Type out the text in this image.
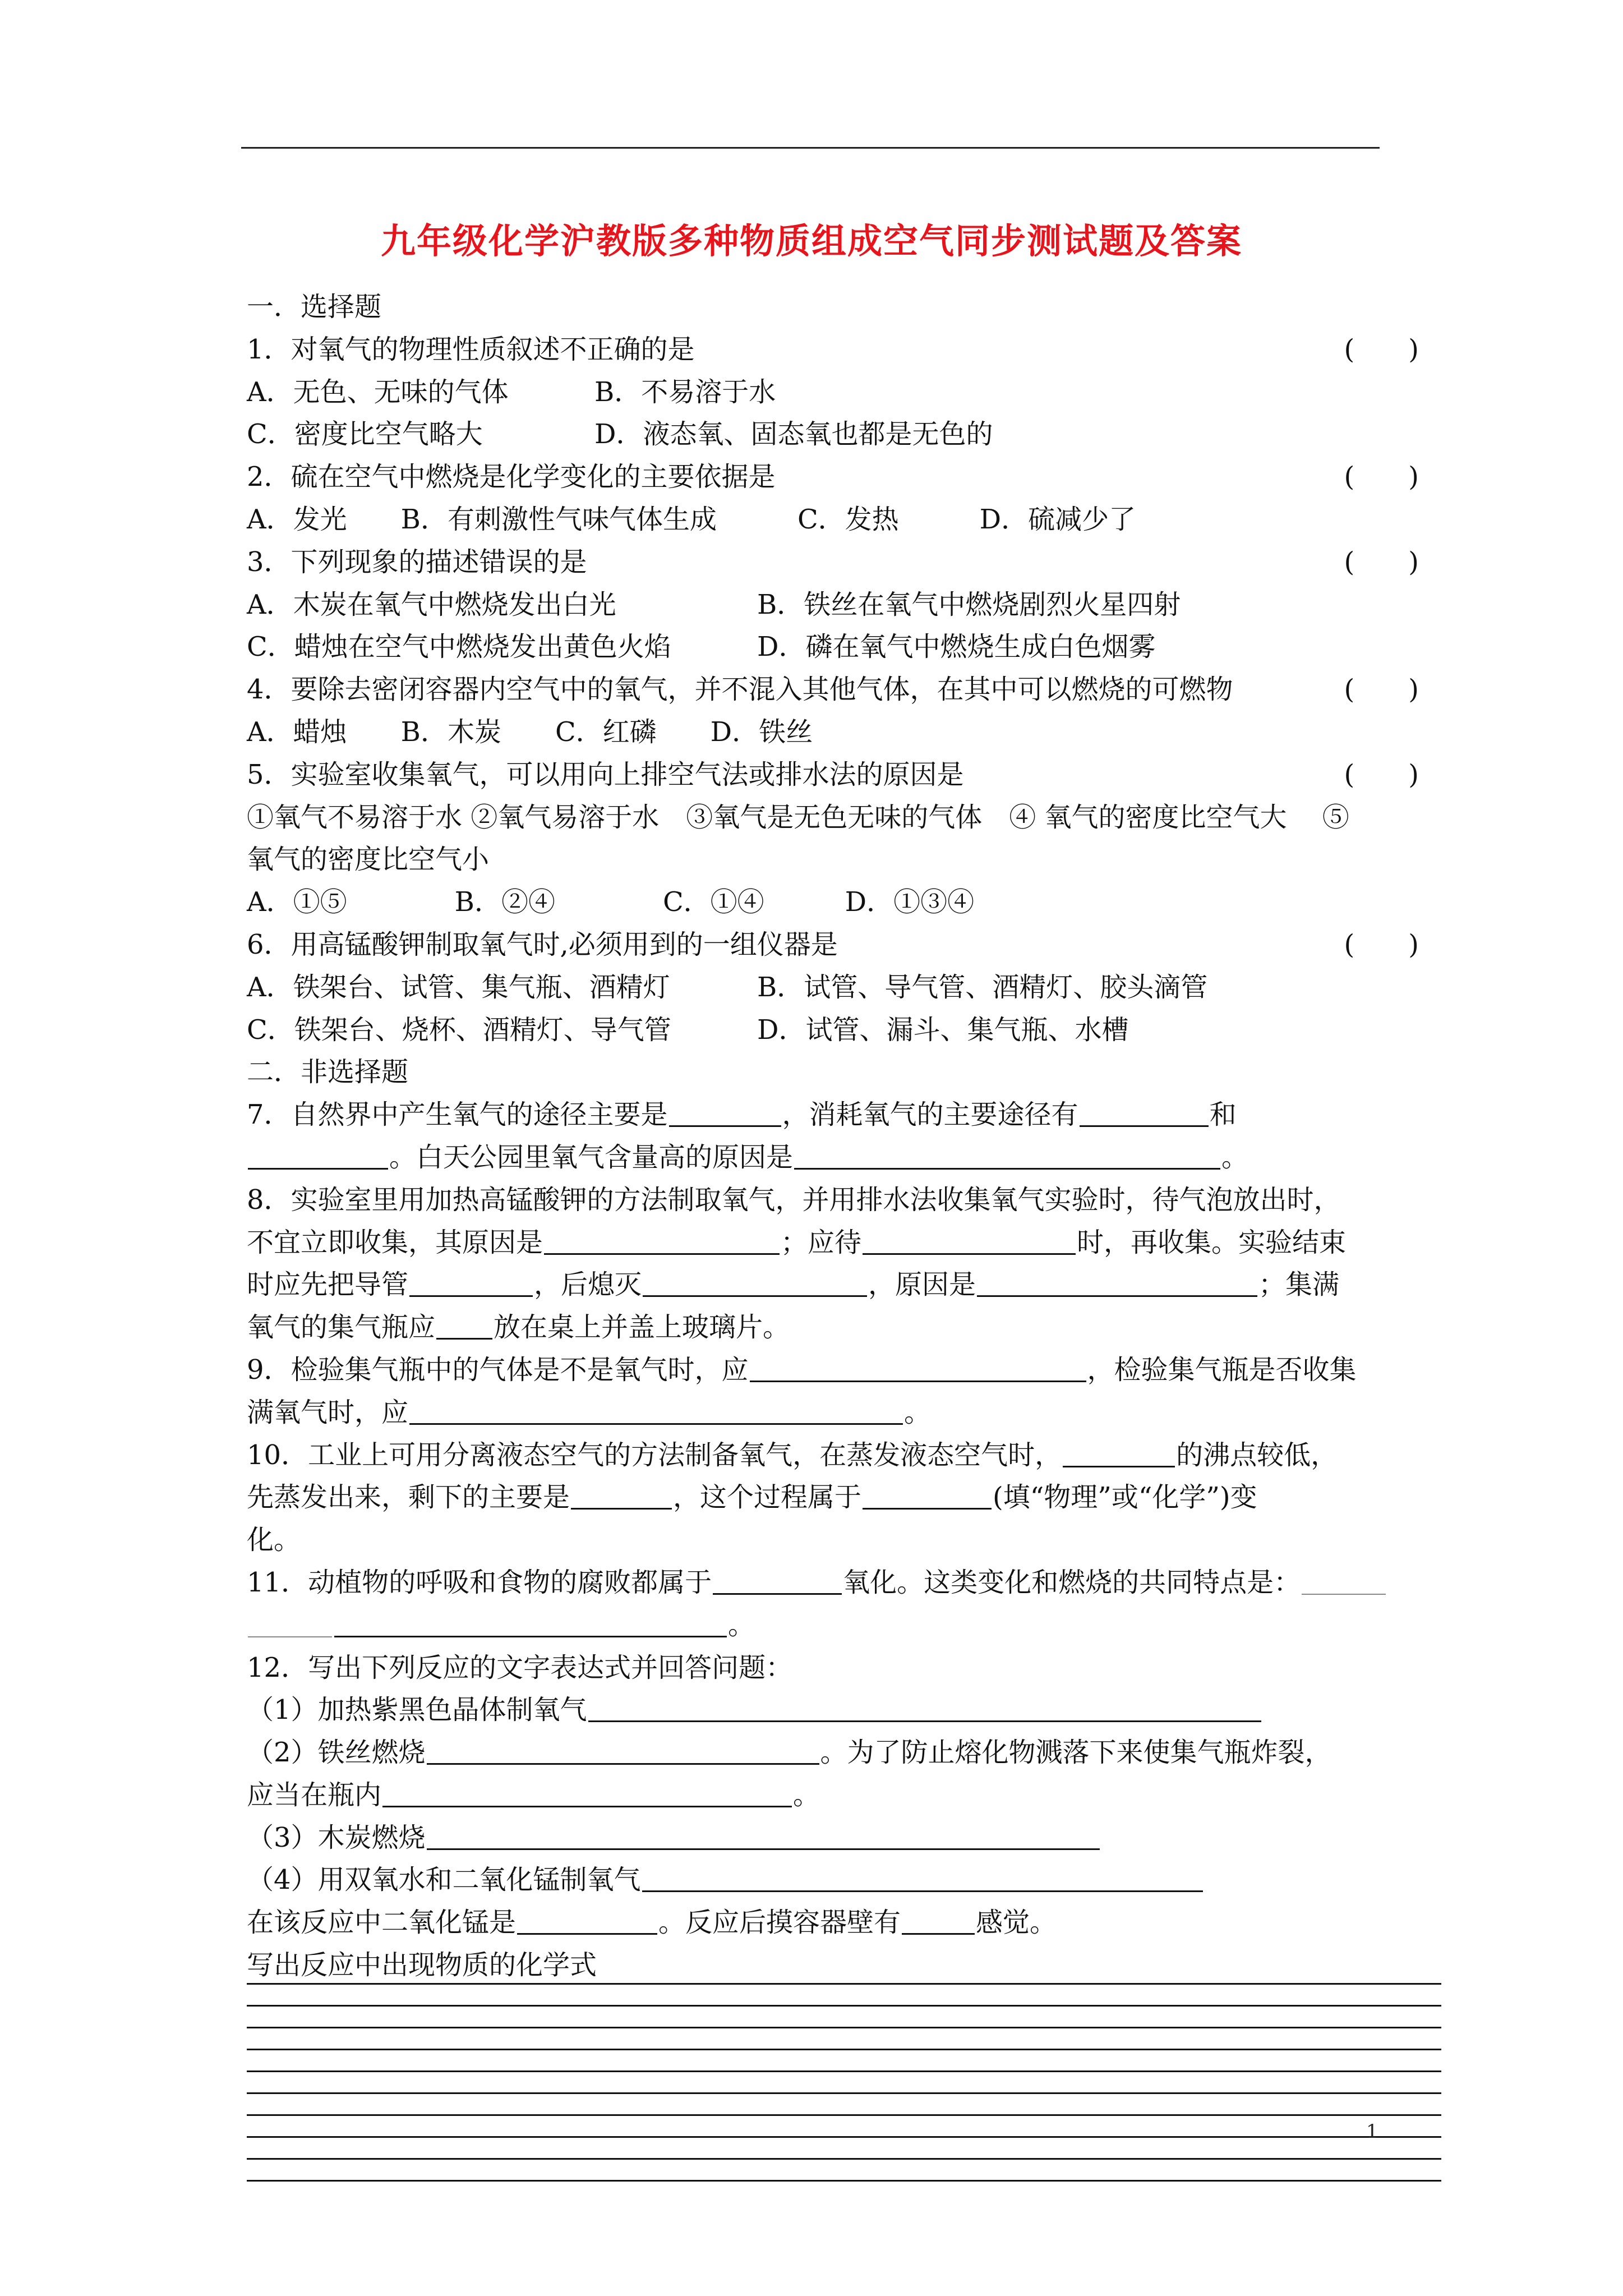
九年级化学沪教版多种物质组成空气同步测试题及答案
一．选择题
1．对氧气的物理性质叙述不正确的是	(　　)
A．无色、无味的气体	B．不易溶于水
C．密度比空气略大	D．液态氧、固态氧也都是无色的
2．硫在空气中燃烧是化学变化的主要依据是	(　　)
A．发光　　B．有刺激性气味气体生成　　　C．发热　　　D．硫减少了
3．下列现象的描述错误的是	(　　)
A．木炭在氧气中燃烧发出白光	B．铁丝在氧气中燃烧剧烈火星四射
C．蜡烛在空气中燃烧发出黄色火焰	D．磷在氧气中燃烧生成白色烟雾
4．要除去密闭容器内空气中的氧气，并不混入其他气体，在其中可以燃烧的可燃物	(　　)
A．蜡烛　　B．木炭　　C．红磷　　D．铁丝
5．实验室收集氧气，可以用向上排空气法或排水法的原因是	(　　)
①氧气不易溶于水 ②氧气易溶于水　③氧气是无色无味的气体　④ 氧气的密度比空气大　 ⑤
氧气的密度比空气小
A．①⑤　　　　B．②④　　　　C．①④　　　D．①③④
6．用高锰酸钾制取氧气时,必须用到的一组仪器是	(　　)
A．铁架台、试管、集气瓶、酒精灯	B．试管、导气管、酒精灯、胶头滴管
C．铁架台、烧杯、酒精灯、导气管	D．试管、漏斗、集气瓶、水槽
二．非选择题
7．自然界中产生氧气的途径主要是	，消耗氧气的主要途径有	和
。白天公园里氧气含量高的原因是	。
8．实验室里用加热高锰酸钾的方法制取氧气，并用排水法收集氧气实验时，待气泡放出时，
不宜立即收集，其原因是	；应待	时，再收集。实验结束
时应先把导管	，后熄灭	，原因是	；集满
氧气的集气瓶应 放在桌上并盖上玻璃片。
9．检验集气瓶中的气体是不是氧气时，应	，检验集气瓶是否收集
满氧气时，应	。
10．工业上可用分离液态空气的方法制备氧气，在蒸发液态空气时，	的沸点较低，
先蒸发出来，剩下的主要是	，这个过程属于	(填“物理”或“化学”)变
化。
11．动植物的呼吸和食物的腐败都属于	氧化。这类变化和燃烧的共同特点是：
。
12．写出下列反应的文字表达式并回答问题：
（1）加热紫黑色晶体制氧气
（2）铁丝燃烧	。为了防止熔化物溅落下来使集气瓶炸裂，
应当在瓶内	。
（3）木炭燃烧
（4）用双氧水和二氧化锰制氧气
在该反应中二氧化锰是	。反应后摸容器壁有	感觉。
写出反应中出现物质的化学式
1
